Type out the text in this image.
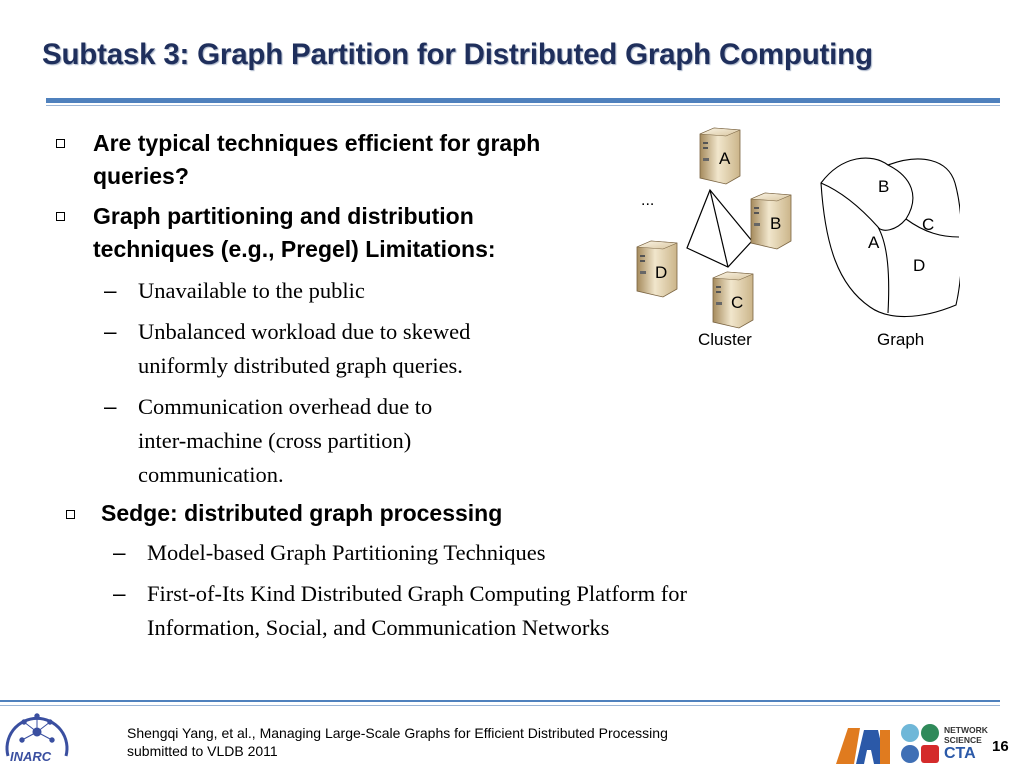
Subtask 3: Graph Partition for Distributed Graph Computing
Are typical techniques efficient for graph
queries?
Graph partitioning and distribution
techniques (e.g., Pregel) Limitations:
– Unavailable to the public
– Unbalanced workload due to skewed
uniformly distributed graph queries.
– Communication overhead due to
inter-machine (cross partition)
communication.
Sedge: distributed graph processing
– Model-based Graph Partitioning Techniques
– First-of-Its Kind Distributed Graph Computing Platform for
Information, Social, and Communication Networks
A
B
C
D
...
B
C
A
D
Cluster	Graph
INARC
Shengqi Yang, et al., Managing Large-Scale Graphs for Efficient Distributed Processing
submitted to VLDB 2011
NETWORK
SCIENCE
CTA	16
